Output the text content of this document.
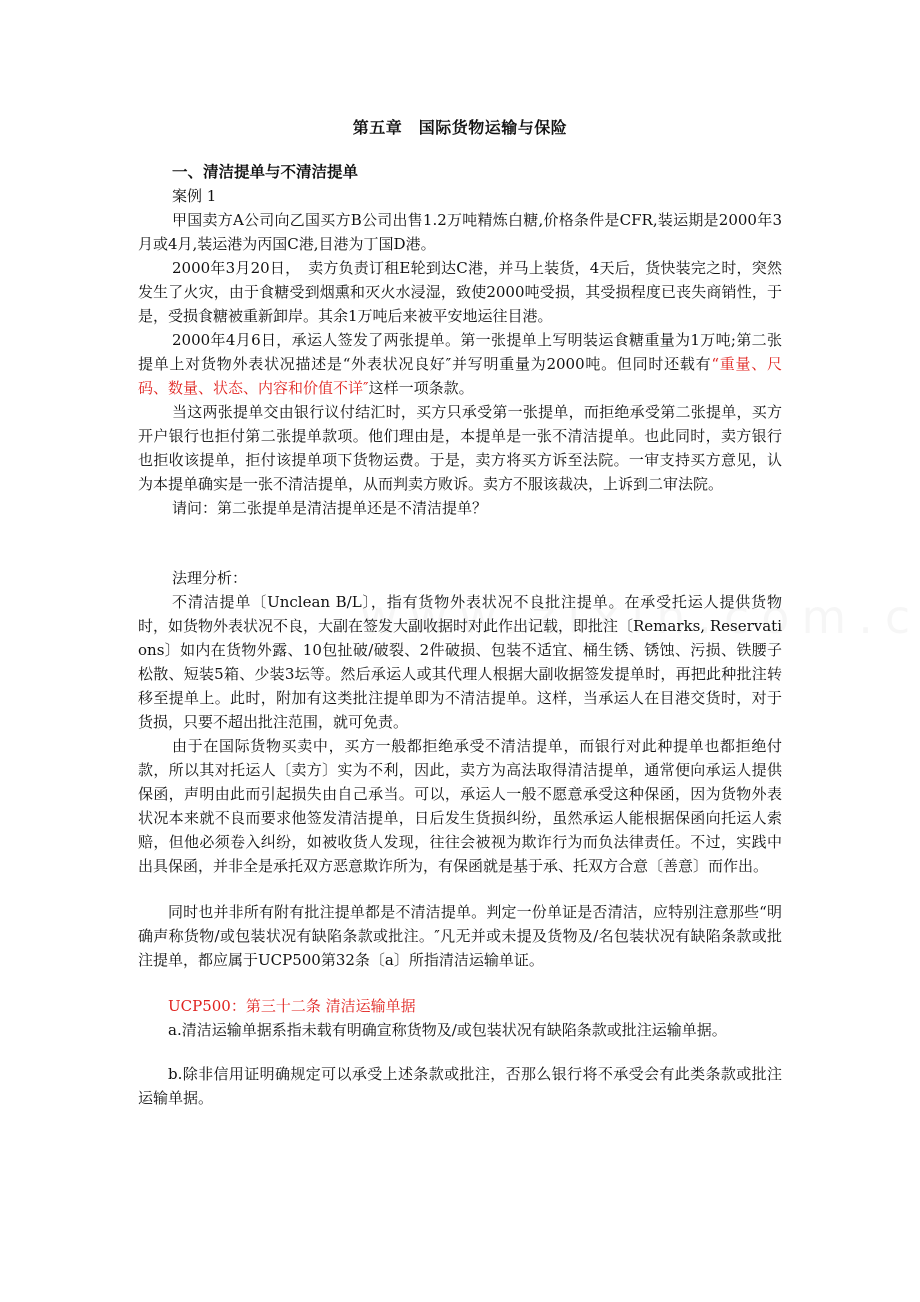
第五章　国际货物运输与保险

一、清洁提单与不清洁提单

案例 1

甲国卖方A公司向乙国买方B公司出售1.2万吨精炼白糖,价格条件是CFR,装运期是2000年3月或4月,装运港为丙国C港,目港为丁国D港。

2000年3月20日，　卖方负责订租E轮到达C港，并马上装货，4天后，货快装完之时，突然发生了火灾，由于食糖受到烟熏和灭火水浸湿，致使2000吨受损，其受损程度已丧失商销性，于是，受损食糖被重新卸岸。其余1万吨后来被平安地运往目港。

2000年4月6日，承运人签发了两张提单。第一张提单上写明装运食糖重量为1万吨;第二张提单上对货物外表状况描述是“外表状况良好″并写明重量为2000吨。但同时还载有“重量、尺码、数量、状态、内容和价值不详″这样一项条款。

当这两张提单交由银行议付结汇时，买方只承受第一张提单，而拒绝承受第二张提单，买方开户银行也拒付第二张提单款项。他们理由是，本提单是一张不清洁提单。也此同时，卖方银行也拒收该提单，拒付该提单项下货物运费。于是，卖方将买方诉至法院。一审支持买方意见，认为本提单确实是一张不清洁提单，从而判卖方败诉。卖方不服该裁决，上诉到二审法院。

请问：第二张提单是清洁提单还是不清洁提单？

法理分析：

不清洁提单〔Unclean B/L〕，指有货物外表状况不良批注提单。在承受托运人提供货物时，如货物外表状况不良，大副在签发大副收据时对此作出记载，即批注〔Remarks, Reservations〕如内在货物外露、10包扯破/破裂、2件破损、包装不适宜、桶生锈、锈蚀、污损、铁腰子松散、短装5箱、少装3坛等。然后承运人或其代理人根据大副收据签发提单时，再把此种批注转移至提单上。此时，附加有这类批注提单即为不清洁提单。这样，当承运人在目港交货时，对于货损，只要不超出批注范围，就可免责。

由于在国际货物买卖中，买方一般都拒绝承受不清洁提单，而银行对此种提单也都拒绝付款，所以其对托运人〔卖方〕实为不利，因此，卖方为高法取得清洁提单，通常便向承运人提供保函，声明由此而引起损失由自己承当。可以，承运人一般不愿意承受这种保函，因为货物外表状况本来就不良而要求他签发清洁提单，日后发生货损纠纷，虽然承运人能根据保函向托运人索赔，但他必须卷入纠纷，如被收货人发现，往往会被视为欺诈行为而负法律责任。不过，实践中出具保函，并非全是承托双方恶意欺诈所为，有保函就是基于承、托双方合意〔善意〕而作出。

同时也并非所有附有批注提单都是不清洁提单。判定一份单证是否清洁，应特别注意那些“明确声称货物/或包装状况有缺陷条款或批注。″凡无并或未提及货物及/名包装状况有缺陷条款或批注提单，都应属于UCP500第32条〔a〕所指清洁运输单证。

UCP500：第三十二条 清洁运输单据

a.清洁运输单据系指未载有明确宣称货物及/或包装状况有缺陷条款或批注运输单据。

b.除非信用证明确规定可以承受上述条款或批注，否那么银行将不承受会有此类条款或批注运输单据。
